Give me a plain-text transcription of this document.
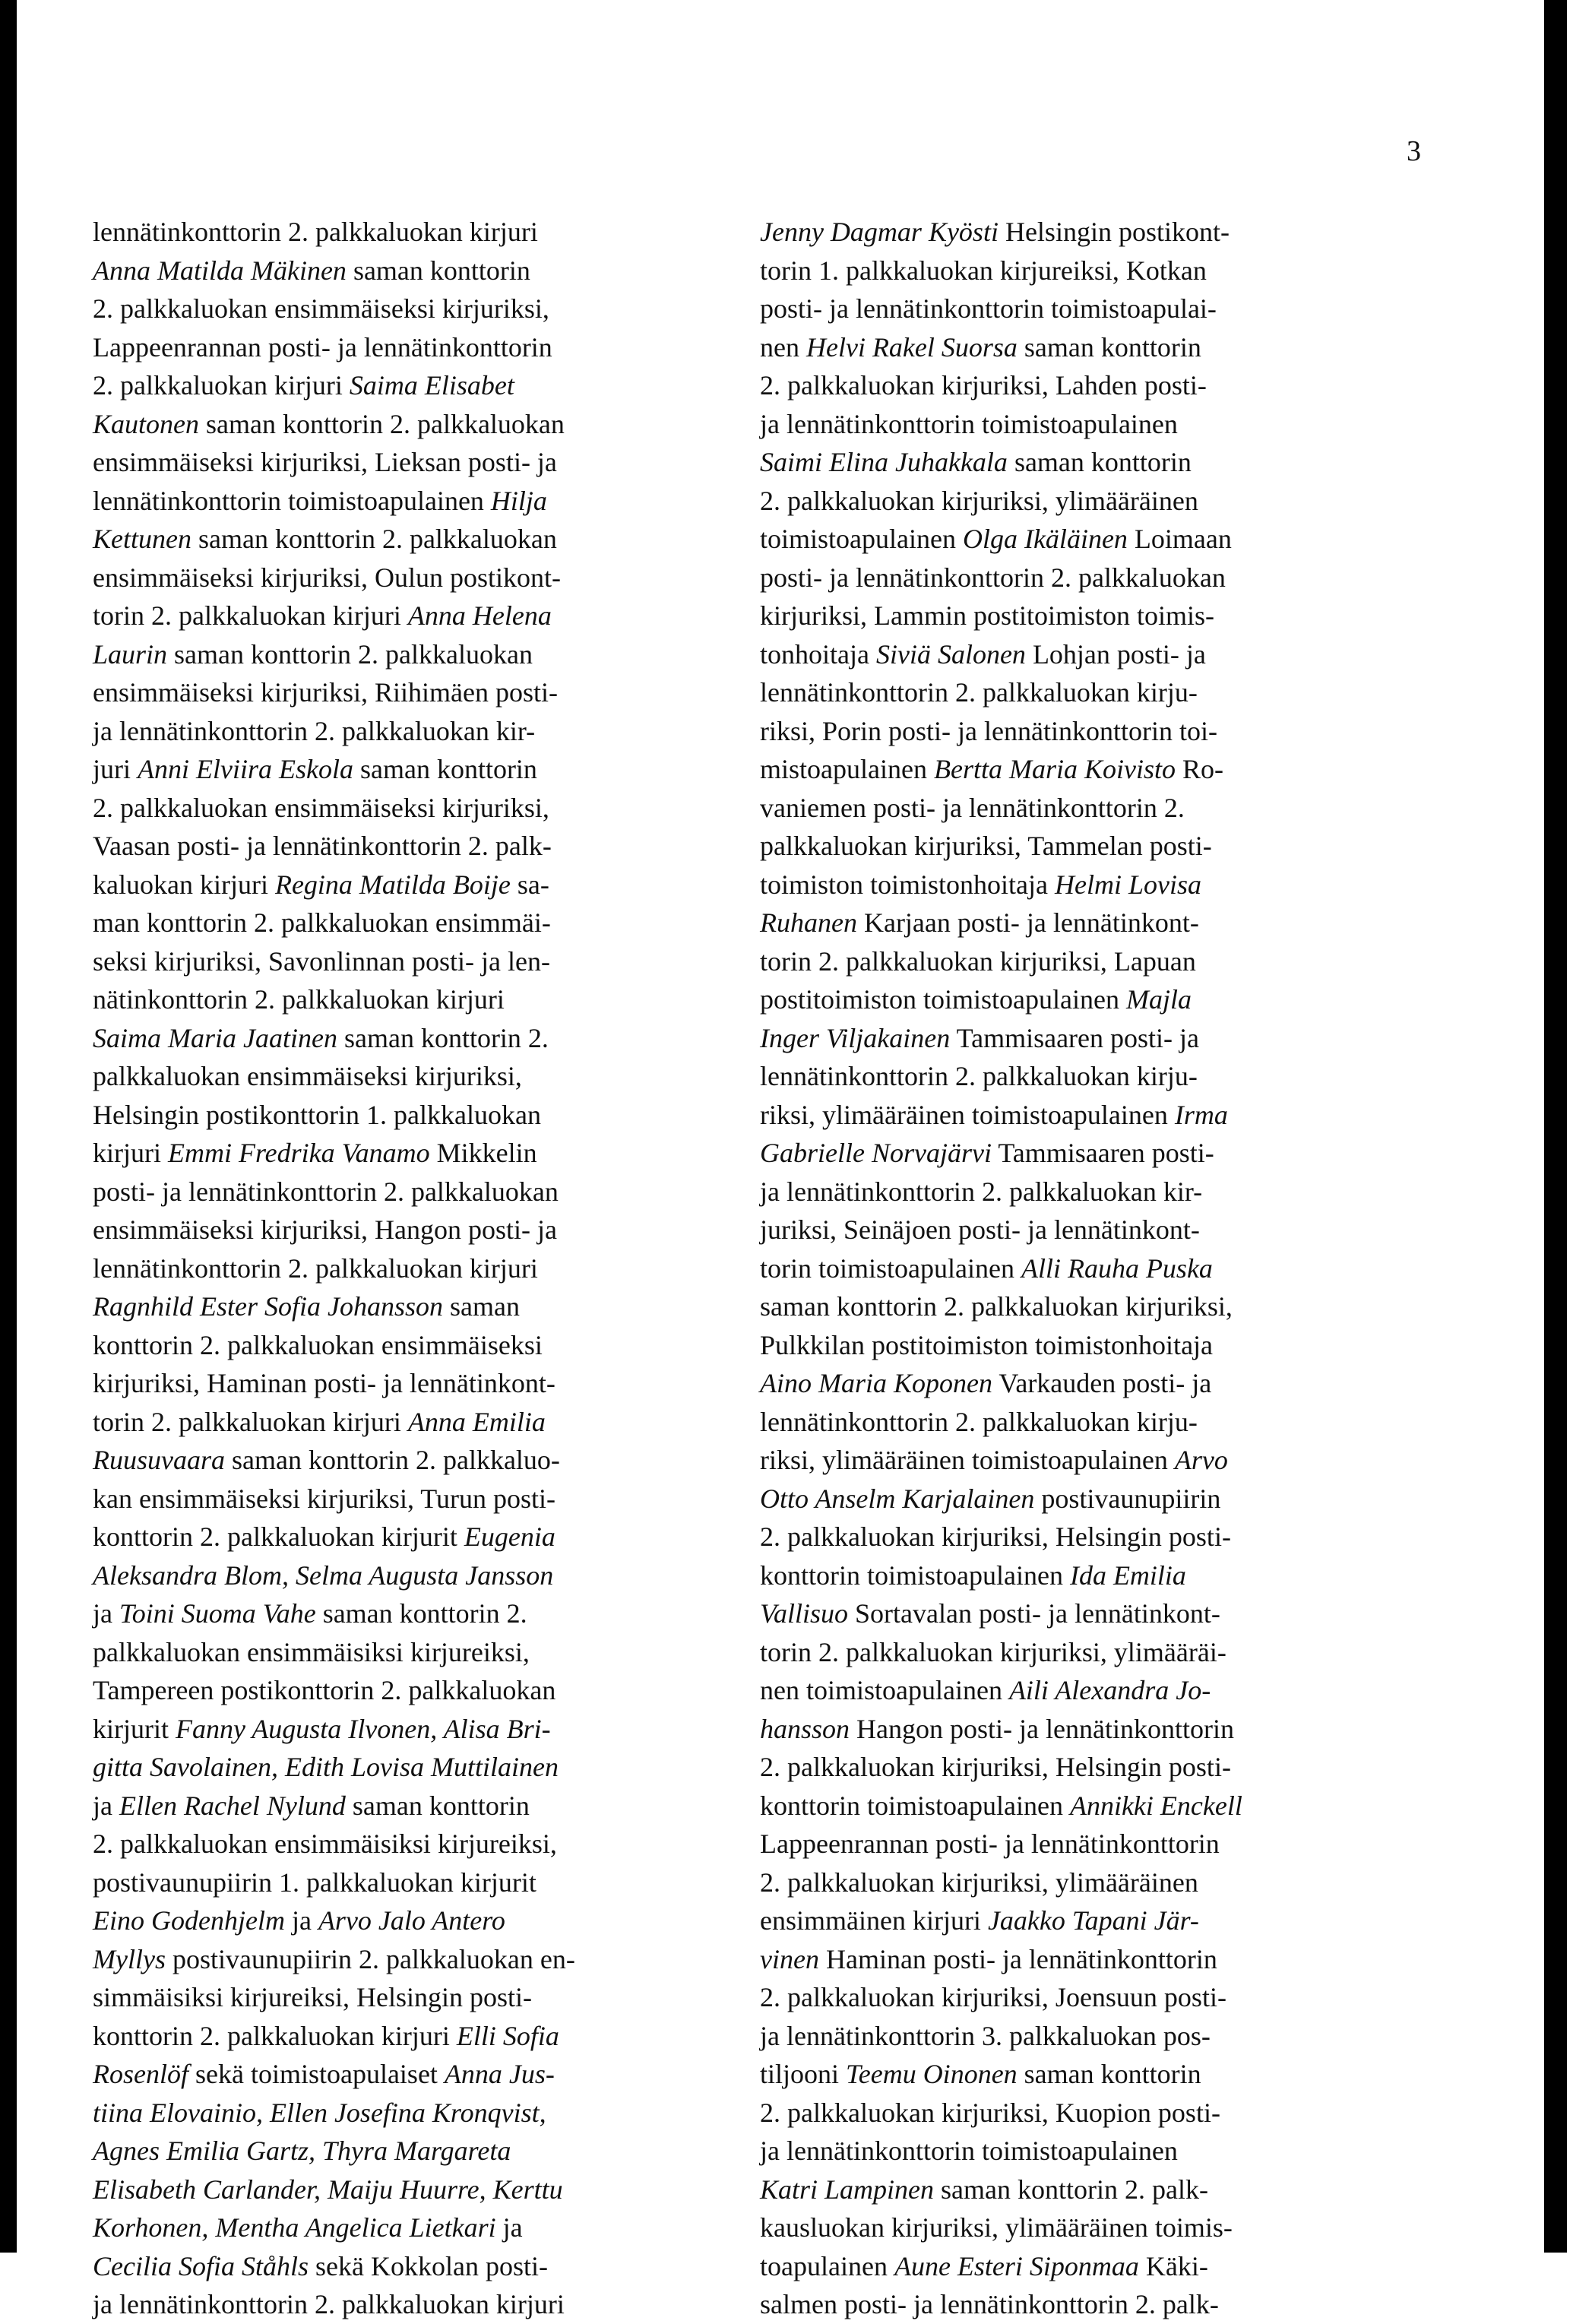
3
lennätinkonttorin 2. palkkaluokan kirjuri
Anna Matilda Mäkinen saman konttorin
2. palkkaluokan ensimmäiseksi kirjuriksi,
Lappeenrannan posti- ja lennätinkonttorin
2. palkkaluokan kirjuri Saima Elisabet
Kautonen saman konttorin 2. palkkaluokan
ensimmäiseksi kirjuriksi, Lieksan posti- ja
lennätinkonttorin toimistoapulainen Hilja
Kettunen saman konttorin 2. palkkaluokan
ensimmäiseksi kirjuriksi, Oulun postikont-
torin 2. palkkaluokan kirjuri Anna Helena
Laurin saman konttorin 2. palkkaluokan
ensimmäiseksi kirjuriksi, Riihimäen posti-
ja lennätinkonttorin 2. palkkaluokan kir-
juri Anni Elviira Eskola saman konttorin
2. palkkaluokan ensimmäiseksi kirjuriksi,
Vaasan posti- ja lennätinkonttorin 2. palk-
kaluokan kirjuri Regina Matilda Boije sa-
man konttorin 2. palkkaluokan ensimmäi-
seksi kirjuriksi, Savonlinnan posti- ja len-
nätinkonttorin 2. palkkaluokan kirjuri
Saima Maria Jaatinen saman konttorin 2.
palkkaluokan ensimmäiseksi kirjuriksi,
Helsingin postikonttorin 1. palkkaluokan
kirjuri Emmi Fredrika Vanamo Mikkelin
posti- ja lennätinkonttorin 2. palkkaluokan
ensimmäiseksi kirjuriksi, Hangon posti- ja
lennätinkonttorin 2. palkkaluokan kirjuri
Ragnhild Ester Sofia Johansson saman
konttorin 2. palkkaluokan ensimmäiseksi
kirjuriksi, Haminan posti- ja lennätinkont-
torin 2. palkkaluokan kirjuri Anna Emilia
Ruusuvaara saman konttorin 2. palkkaluo-
kan ensimmäiseksi kirjuriksi, Turun posti-
konttorin 2. palkkaluokan kirjurit Eugenia
Aleksandra Blom, Selma Augusta Jansson
ja Toini Suoma Vahe saman konttorin 2.
palkkaluokan ensimmäisiksi kirjureiksi,
Tampereen postikonttorin 2. palkkaluokan
kirjurit Fanny Augusta Ilvonen, Alisa Bri-
gitta Savolainen, Edith Lovisa Muttilainen
ja Ellen Rachel Nylund saman konttorin
2. palkkaluokan ensimmäisiksi kirjureiksi,
postivaunupiirin 1. palkkaluokan kirjurit
Eino Godenhjelm ja Arvo Jalo Antero
Myllys postivaunupiirin 2. palkkaluokan en-
simmäisiksi kirjureiksi, Helsingin posti-
konttorin 2. palkkaluokan kirjuri Elli Sofia
Rosenlöf sekä toimistoapulaiset Anna Jus-
tiina Elovainio, Ellen Josefina Kronqvist,
Agnes Emilia Gartz, Thyra Margareta
Elisabeth Carlander, Maiju Huurre, Kerttu
Korhonen, Mentha Angelica Lietkari ja
Cecilia Sofia Ståhls sekä Kokkolan posti-
ja lennätinkonttorin 2. palkkaluokan kirjuri
Jenny Dagmar Kyösti Helsingin postikont-
torin 1. palkkaluokan kirjureiksi, Kotkan
posti- ja lennätinkonttorin toimistoapulai-
nen Helvi Rakel Suorsa saman konttorin
2. palkkaluokan kirjuriksi, Lahden posti-
ja lennätinkonttorin toimistoapulainen
Saimi Elina Juhakkala saman konttorin
2. palkkaluokan kirjuriksi, ylimääräinen
toimistoapulainen Olga Ikäläinen Loimaan
posti- ja lennätinkonttorin 2. palkkaluokan
kirjuriksi, Lammin postitoimiston toimis-
tonhoitaja Siviä Salonen Lohjan posti- ja
lennätinkonttorin 2. palkkaluokan kirju-
riksi, Porin posti- ja lennätinkonttorin toi-
mistoapulainen Bertta Maria Koivisto Ro-
vaniemen posti- ja lennätinkonttorin 2.
palkkaluokan kirjuriksi, Tammelan posti-
toimiston toimistonhoitaja Helmi Lovisa
Ruhanen Karjaan posti- ja lennätinkont-
torin 2. palkkaluokan kirjuriksi, Lapuan
postitoimiston toimistoapulainen Majla
Inger Viljakainen Tammisaaren posti- ja
lennätinkonttorin 2. palkkaluokan kirju-
riksi, ylimääräinen toimistoapulainen Irma
Gabrielle Norvajärvi Tammisaaren posti-
ja lennätinkonttorin 2. palkkaluokan kir-
juriksi, Seinäjoen posti- ja lennätinkont-
torin toimistoapulainen Alli Rauha Puska
saman konttorin 2. palkkaluokan kirjuriksi,
Pulkkilan postitoimiston toimistonhoitaja
Aino Maria Koponen Varkauden posti- ja
lennätinkonttorin 2. palkkaluokan kirju-
riksi, ylimääräinen toimistoapulainen Arvo
Otto Anselm Karjalainen postivaunupiirin
2. palkkaluokan kirjuriksi, Helsingin posti-
konttorin toimistoapulainen Ida Emilia
Vallisuo Sortavalan posti- ja lennätinkont-
torin 2. palkkaluokan kirjuriksi, ylimääräi-
nen toimistoapulainen Aili Alexandra Jo-
hansson Hangon posti- ja lennätinkonttorin
2. palkkaluokan kirjuriksi, Helsingin posti-
konttorin toimistoapulainen Annikki Enckell
Lappeenrannan posti- ja lennätinkonttorin
2. palkkaluokan kirjuriksi, ylimääräinen
ensimmäinen kirjuri Jaakko Tapani Jär-
vinen Haminan posti- ja lennätinkonttorin
2. palkkaluokan kirjuriksi, Joensuun posti-
ja lennätinkonttorin 3. palkkaluokan pos-
tiljooni Teemu Oinonen saman konttorin
2. palkkaluokan kirjuriksi, Kuopion posti-
ja lennätinkonttorin toimistoapulainen
Katri Lampinen saman konttorin 2. palk-
kausluokan kirjuriksi, ylimääräinen toimis-
toapulainen Aune Esteri Siponmaa Käki-
salmen posti- ja lennätinkonttorin 2. palk-
